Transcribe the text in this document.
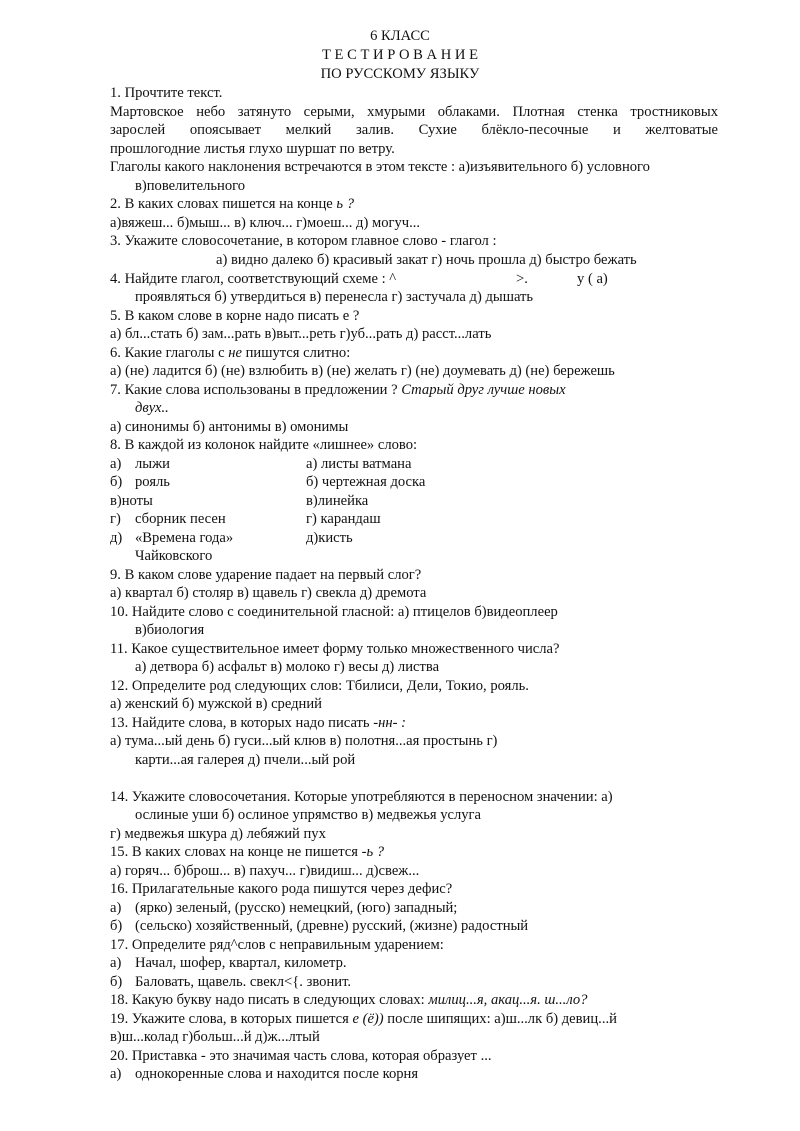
6 КЛАСС
Т Е С Т И Р О В А Н И Е
ПО РУССКОМУ ЯЗЫКУ
1. Прочтите текст.
Мартовское небо затянуто серыми, хмурыми облаками. Плотная стенка тростниковых
зарослей опоясывает мелкий залив. Сухие блёкло-песочные и желтоватые
прошлогодние листья глухо шуршат по ветру.
Глаголы какого наклонения встречаются в этом тексте : а)изъявительного б) условного
в)повелительного
2. В каких словах пишется на конце ь ?
а)вяжеш... б)мыш... в) ключ... г)моеш... д) могуч...
3. Укажите словосочетание, в котором главное слово - глагол :
а) видно далеко б) красивый закат г) ночь прошла д) быстро бежать
4. Найдите глагол, соответствующий схеме : ^	>.	у ( а)
проявляться б) утвердиться в) перенесла г) застучала д) дышать
5. В каком слове в корне надо писать е ?
а) бл...стать б) зам...рать в)выт...реть г)уб...рать д) расст...лать
6. Какие глаголы с не пишутся слитно:
а) (не) ладится б) (не) взлюбить в) (не) желать г) (не) доумевать д) (не) бережешь
7. Какие слова использованы в предложении ? Старый друг лучше новых
двух..
а) синонимы б) антонимы в) омонимы
8. В каждой из колонок найдите «лишнее» слово:
а) лыжи	а) листы ватмана
б) рояль	б) чертежная доска
в)ноты	в)линейка
г) сборник песен	г) карандаш
д) «Времена года»	д)кисть
Чайковского
9. В каком слове ударение падает на первый слог?
а) квартал б) столяр в) щавель г) свекла д) дремота
10. Найдите слово с соединительной гласной: а) птицелов б)видеоплеер
в)биология
11. Какое существительное имеет форму только множественного числа?
а) детвора б) асфальт в) молоко г) весы д) листва
12. Определите род следующих слов: Тбилиси, Дели, Токио, рояль.
а) женский б) мужской в) средний
13. Найдите слова, в которых надо писать -нн- :
а) тума...ый день б) гуси...ый клюв в) полотня...ая простынь г)
карти...ая галерея д) пчели...ый рой
14. Укажите словосочетания. Которые употребляются в переносном значении: а)
ослиные уши б) ослиное упрямство в) медвежья услуга
г) медвежья шкура д) лебяжий пух
15. В каких словах на конце не пишется -ь ?
а) горяч... б)брош... в) пахуч... г)видиш... д)свеж...
16. Прилагательные какого рода пишутся через дефис?
а) (ярко) зеленый, (русско) немецкий, (юго) западный;
б) (сельско) хозяйственный, (древне) русский, (жизне) радостный
17. Определите ряд^слов с неправильным ударением:
а) Начал, шофер, квартал, километр.
б) Баловать, щавель. свекл<{. звонит.
18. Какую букву надо писать в следующих словах: милиц...я, акац...я. ш...ло?
19. Укажите слова, в которых пишется е (ё)) после шипящих: а)ш...лк б) девиц...й
в)ш...колад г)больш...й д)ж...лтый
20. Приставка - это значимая часть слова, которая образует ...
а) однокоренные слова и находится после корня
